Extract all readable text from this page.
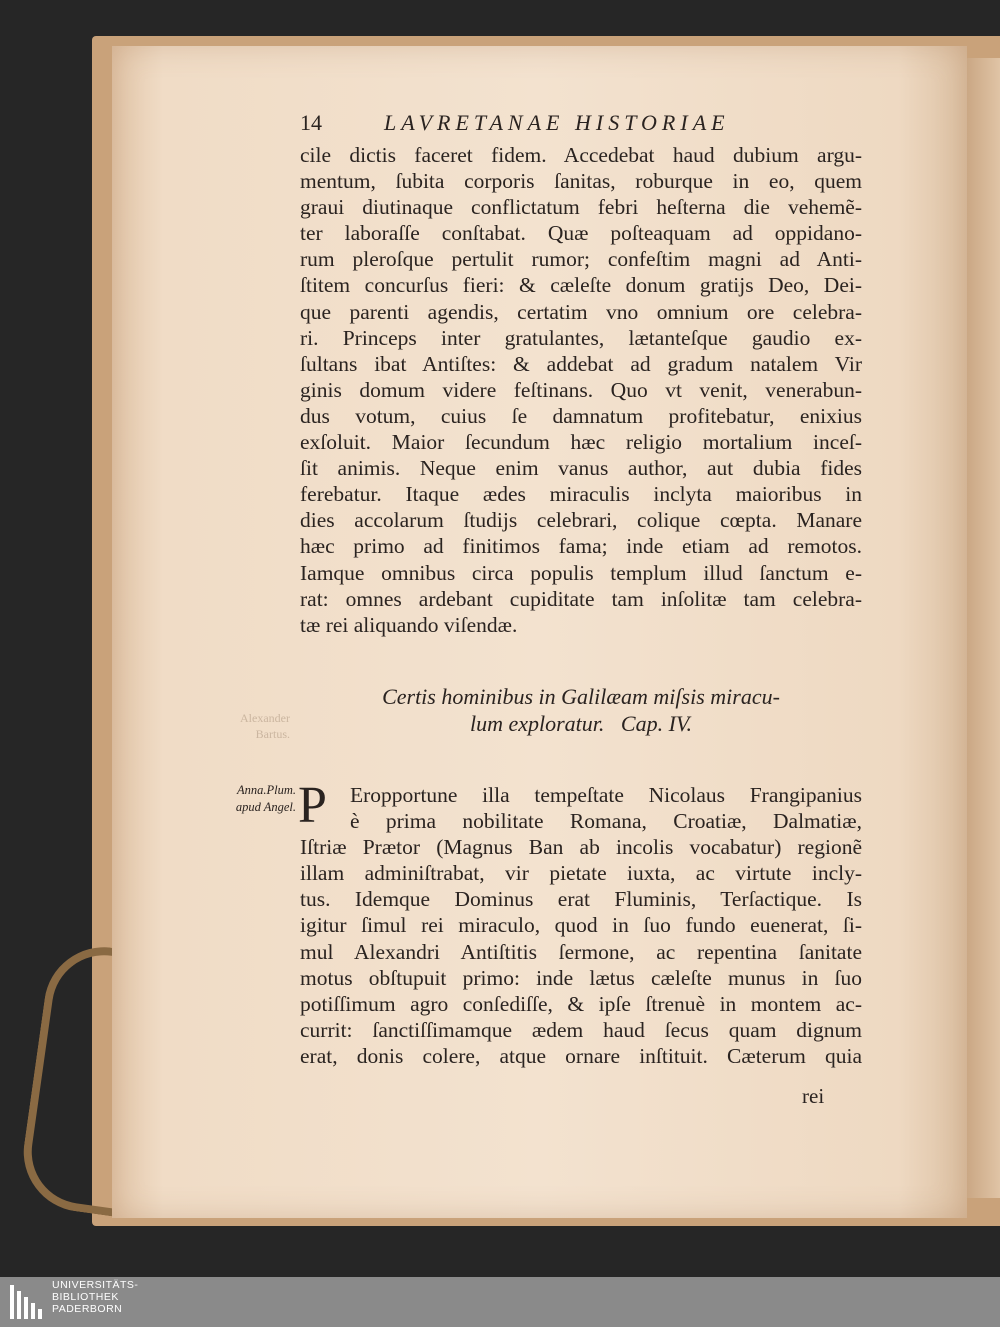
14	LAVRETANAE HISTORIAE
cile dictis faceret fidem. Accedebat haud dubium argu-
mentum, ſubita corporis ſanitas, roburque in eo, quem
graui diutinaque conflictatum febri heſterna die vehemẽ-
ter laboraſſe conſtabat. Quæ poſteaquam ad oppidano-
rum pleroſque pertulit rumor; confeſtim magni ad Anti-
ſtitem concurſus fieri: & cæleſte donum gratijs Deo, Dei-
que parenti agendis, certatim vno omnium ore celebra-
ri. Princeps inter gratulantes, lætanteſque gaudio ex-
ſultans ibat Antiſtes: & addebat ad gradum natalem Vir
ginis domum videre feſtinans. Quo vt venit, venerabun-
dus votum, cuius ſe damnatum profitebatur, enixius
exſoluit. Maior ſecundum hæc religio mortalium inceſ-
ſit animis. Neque enim vanus author, aut dubia fides
ferebatur. Itaque ædes miraculis inclyta maioribus in
dies accolarum ſtudijs celebrari, colique cœpta. Manare
hæc primo ad finitimos fama; inde etiam ad remotos.
Iamque omnibus circa populis templum illud ſanctum e-
rat: omnes ardebant cupiditate tam inſolitæ tam celebra-
tæ rei aliquando viſendæ.
Alexander
Bartus.
Certis hominibus in Galilæam miſsis miracu-
lum exploratur.   Cap. IV.
Anna.Plum.
apud Angel. P	Eropportune illa tempeſtate Nicolaus Frangipanius
è prima nobilitate Romana, Croatiæ, Dalmatiæ,
Iſtriæ Prætor (Magnus Ban ab incolis vocabatur) regionẽ
illam adminiſtrabat, vir pietate iuxta, ac virtute incly-
tus. Idemque Dominus erat Fluminis, Terſactique. Is
igitur ſimul rei miraculo, quod in ſuo fundo euenerat, ſi-
mul Alexandri Antiſtitis ſermone, ac repentina ſanitate
motus obſtupuit primo: inde lætus cæleſte munus in ſuo
potiſſimum agro conſediſſe, & ipſe ſtrenuè in montem ac-
currit: ſanctiſſimamque ædem haud ſecus quam dignum
erat, donis colere, atque ornare inſtituit. Cæterum quia
rei
UNIVERSITÄTS-
BIBLIOTHEK
PADERBORN
